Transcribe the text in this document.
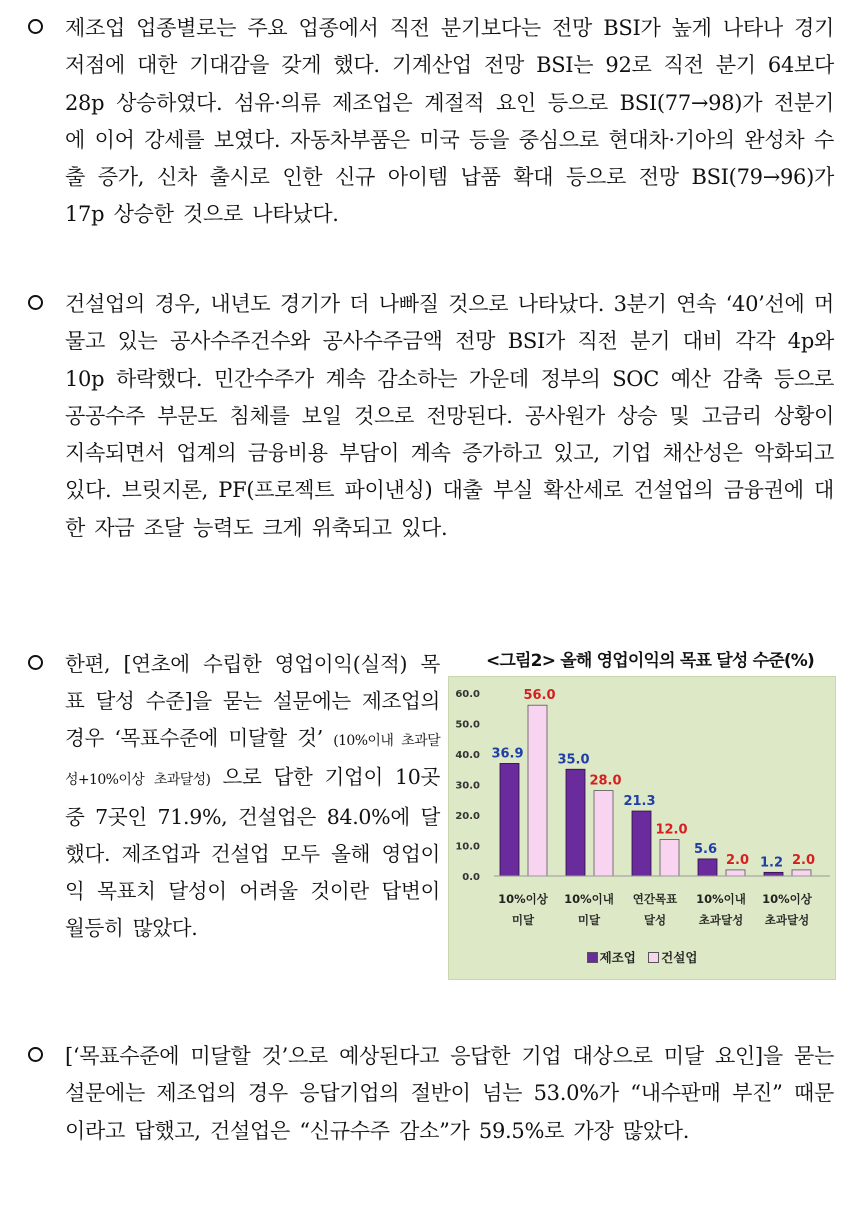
제조업 업종별로는 주요 업종에서 직전 분기보다는 전망 BSI가 높게 나타나 경기 저점에 대한 기대감을 갖게 했다. 기계산업 전망 BSI는 92로 직전 분기 64보다 28p 상승하였다. 섬유·의류 제조업은 계절적 요인 등으로 BSI(77→98)가 전분기에 이어 강세를 보였다. 자동차부품은 미국 등을 중심으로 현대차·기아의 완성차 수출 증가, 신차 출시로 인한 신규 아이템 납품 확대 등으로 전망 BSI(79→96)가 17p 상승한 것으로 나타났다.
건설업의 경우, 내년도 경기가 더 나빠질 것으로 나타났다. 3분기 연속 ‘40’선에 머물고 있는 공사수주건수와 공사수주금액 전망 BSI가 직전 분기 대비 각각 4p와 10p 하락했다. 민간수주가 계속 감소하는 가운데 정부의 SOC 예산 감축 등으로 공공수주 부문도 침체를 보일 것으로 전망된다. 공사원가 상승 및 고금리 상황이 지속되면서 업계의 금융비용 부담이 계속 증가하고 있고, 기업 채산성은 악화되고 있다. 브릿지론, PF(프로젝트 파이낸싱) 대출 부실 확산세로 건설업의 금융권에 대한 자금 조달 능력도 크게 위축되고 있다.
한편, [연초에 수립한 영업이익(실적) 목표 달성 수준]을 묻는 설문에는 제조업의 경우 ‘목표수준에 미달할 것’ (10%이내 초과달성+10%이상 초과달성) 으로 답한 기업이 10곳 중 7곳인 71.9%, 건설업은 84.0%에 달했다. 제조업과 건설업 모두 올해 영업이익 목표치 달성이 어려울 것이란 답변이 월등히 많았다.
<그림2> 올해 영업이익의 목표 달성 수준(%)
0.0
10.0
20.0
30.0
40.0
50.0
60.0
36.9
56.0
10%이상
미달
35.0
28.0
10%이내
미달
21.3
12.0
연간목표
달성
5.6
2.0
10%이내
초과달성
1.2 2.0
10%이상
초과달성
제조업 건설업
[‘목표수준에 미달할 것’으로 예상된다고 응답한 기업 대상으로 미달 요인]을 묻는 설문에는 제조업의 경우 응답기업의 절반이 넘는 53.0%가 “내수판매 부진” 때문 이라고 답했고, 건설업은 “신규수주 감소”가 59.5%로 가장 많았다.
